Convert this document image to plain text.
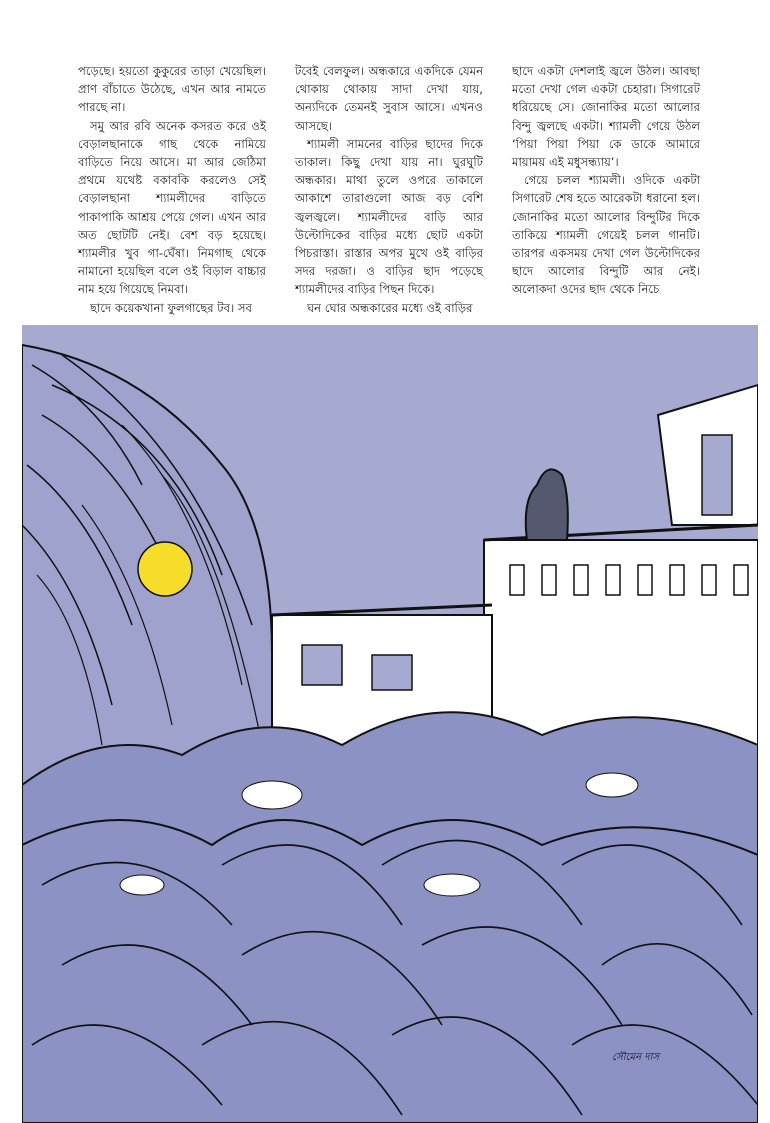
পড়েছে। হয়তো কুকুরের তাড়া খেয়েছিল। প্রাণ বাঁচাতে উঠেছে, এখন আর নামতে পারছে না।

সমু আর রবি অনেক কসরত করে ওই বেড়ালছানাকে গাছ থেকে নামিয়ে বাড়িতে নিয়ে আসে। মা আর জেঠিমা প্রথমে যথেষ্ট বকাবকি করলেও সেই বেড়ালছানা শ্যামলীদের বাড়িতে পাকাপাকি আশ্রয় পেয়ে গেল। এখন আর অত ছোটটি নেই। বেশ বড় হয়েছে। শ্যামলীর খুব গা-ঘেঁষা। নিমগাছ থেকে নামানো হয়েছিল বলে ওই বিড়াল বাচ্চার নাম হয়ে গিয়েছে নিমবা।

ছাদে কয়েকখানা ফুলগাছের টব। সব

টবেই বেলফুল। অন্ধকারে একদিকে যেমন থোকায় থোকায় সাদা দেখা যায়, অন্যদিকে তেমনই সুবাস আসে। এখনও আসছে।

শ্যামলী সামনের বাড়ির ছাদের দিকে তাকাল। কিছু দেখা যায় না। ঘুরঘুটি অন্ধকার। মাথা তুলে ওপরে তাকালে আকাশে তারাগুলো আজ বড় বেশি জ্বলজ্বলে। শ্যামলীদের বাড়ি আর উল্টোদিকের বাড়ির মধ্যে ছোট একটা পিচরাস্তা। রাস্তার অপর মুখে ওই বাড়ির সদর দরজা। ও বাড়ির ছাদ পড়েছে শ্যামলীদের বাড়ির পিছন দিকে।

ঘন ঘোর অন্ধকারের মধ্যে ওই বাড়ির

ছাদে একটা দেশলাই জ্বলে উঠল। আবছা মতো দেখা গেল একটা চেহারা। সিগারেট ধরিয়েছে সে। জোনাকির মতো আলোর বিন্দু জ্বলছে একটা। শ্যামলী গেয়ে উঠল ‘পিয়া পিয়া পিয়া কে ডাকে আমারে মায়াময় এই মধুসন্ধ্যায়’।

গেয়ে চলল শ্যামলী। ওদিকে একটা সিগারেট শেষ হতে আরেকটা ধরানো হল। জোনাকির মতো আলোর বিন্দুটির দিকে তাকিয়ে শ্যামলী গেয়েই চলল গানটি। তারপর একসময় দেখা গেল উল্টোদিকের ছাদে আলোর বিন্দুটি আর নেই। অলোকদা ওদের ছাদ থেকে নিচে

সৌমেন দাস
